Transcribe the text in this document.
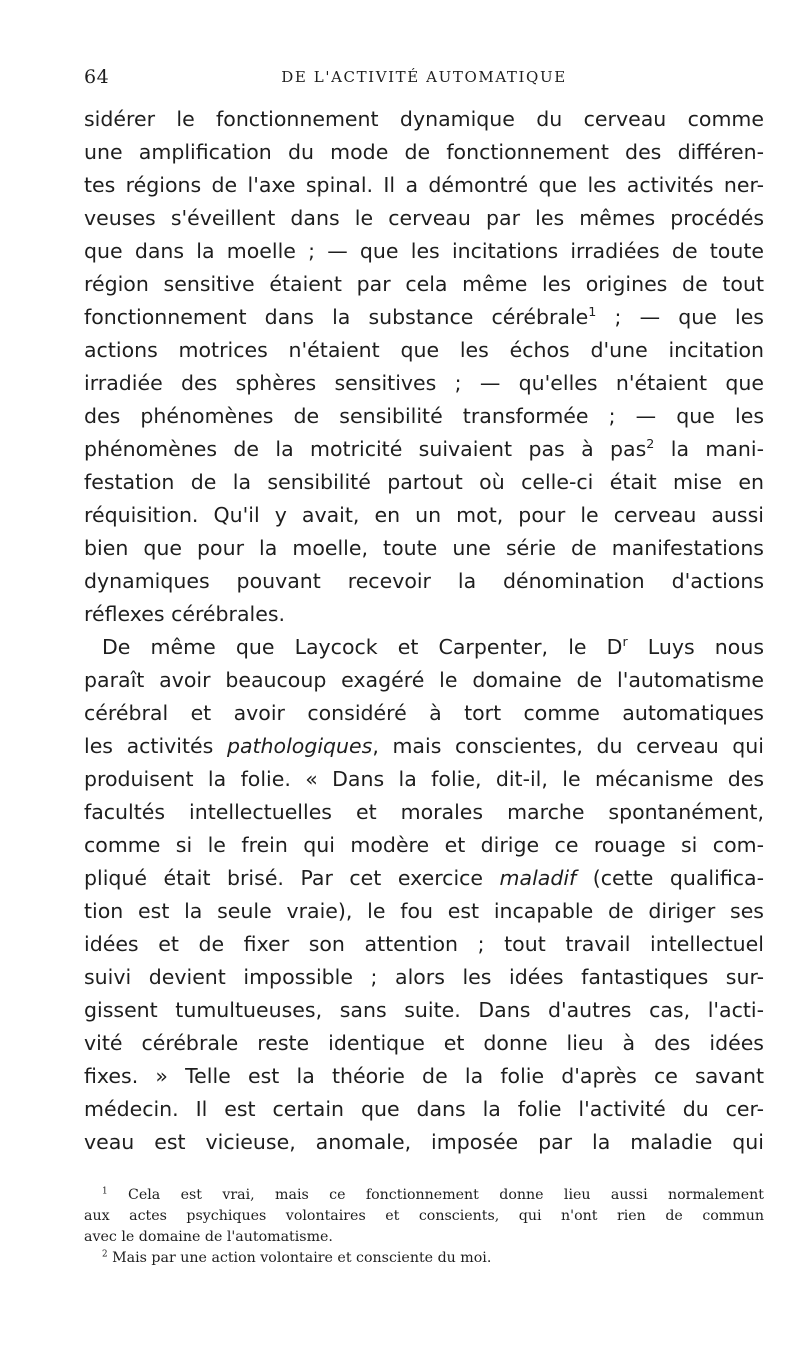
64	DE L'ACTIVITÉ AUTOMATIQUE
sidérer le fonctionnement dynamique du cerveau comme
une amplification du mode de fonctionnement des différen-
tes régions de l'axe spinal. Il a démontré que les activités ner-
veuses s'éveillent dans le cerveau par les mêmes procédés
que dans la moelle ; — que les incitations irradiées de toute
région sensitive étaient par cela même les origines de tout
fonctionnement dans la substance cérébrale$^1$ ; — que les
actions motrices n'étaient que les échos d'une incitation
irradiée des sphères sensitives ; — qu'elles n'étaient que
des phénomènes de sensibilité transformée ; — que les
phénomènes de la motricité suivaient pas à pas$^2$ la mani-
festation de la sensibilité partout où celle-ci était mise en
réquisition. Qu'il y avait, en un mot, pour le cerveau aussi
bien que pour la moelle, toute une série de manifestations
dynamiques pouvant recevoir la dénomination d'actions
réflexes cérébrales.
De même que Laycock et Carpenter, le $D^r$ Luys nous
paraît avoir beaucoup exagéré le domaine de l'automatisme
cérébral et avoir considéré à tort comme automatiques
les activités pathologiques, mais conscientes, du cerveau qui
produisent la folie. « Dans la folie, dit-il, le mécanisme des
facultés intellectuelles et morales marche spontanément,
comme si le frein qui modère et dirige ce rouage si com-
pliqué était brisé. Par cet exercice maladif (cette qualifica-
tion est la seule vraie), le fou est incapable de diriger ses
idées et de fixer son attention ; tout travail intellectuel
suivi devient impossible ; alors les idées fantastiques sur-
gissent tumultueuses, sans suite. Dans d'autres cas, l'acti-
vité cérébrale reste identique et donne lieu à des idées
fixes. » Telle est la théorie de la folie d'après ce savant
médecin. Il est certain que dans la folie l'activité du cer-
veau est vicieuse, anomale, imposée par la maladie qui
$^1$ Cela est vrai, mais ce fonctionnement donne lieu aussi normalement
aux actes psychiques volontaires et conscients, qui n'ont rien de commun
avec le domaine de l'automatisme.
$^2$ Mais par une action volontaire et consciente du moi.
